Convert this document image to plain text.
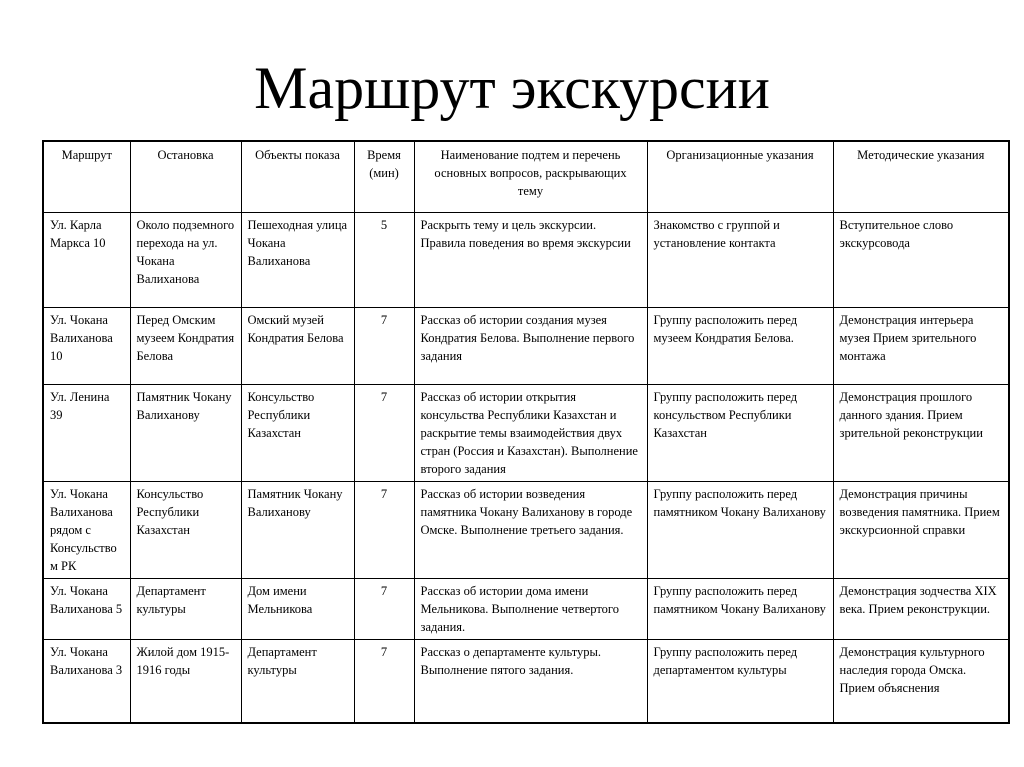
Маршрут экскурсии
Маршрут	Остановка	Объекты показа	Время (мин)	Наименование подтем и перечень основных вопросов, раскрывающих тему	Организационные указания	Методические указания
Ул. Карла Маркса 10	Около подземного перехода на ул. Чокана Валиханова	Пешеходная улица Чокана Валиханова	5	Раскрыть тему и цель экскурсии. Правила поведения во время экскурсии	Знакомство с группой и установление контакта	Вступительное слово экскурсовода
Ул. Чокана Валиханова 10	Перед Омским музеем Кондратия Белова	Омский музей Кондратия Белова	7	Рассказ об истории создания музея Кондратия Белова. Выполнение первого задания	Группу расположить перед музеем Кондратия Белова.	Демонстрация интерьера музея Прием зрительного монтажа
Ул. Ленина 39	Памятник Чокану Валиханову	Консульство Республики Казахстан	7	Рассказ об истории открытия консульства Республики Казахстан и раскрытие темы взаимодействия двух стран (Россия и Казахстан). Выполнение второго задания	Группу расположить перед консульством Республики Казахстан	Демонстрация прошлого данного здания. Прием зрительной реконструкции
Ул. Чокана Валиханова рядом с Консульство м РК	Консульство Республики Казахстан	Памятник Чокану Валиханову	7	Рассказ об истории возведения памятника Чокану Валиханову в городе Омске. Выполнение третьего задания.	Группу расположить перед памятником Чокану Валиханову	Демонстрация причины возведения памятника. Прием экскурсионной справки
Ул. Чокана Валиханова 5	Департамент культуры	Дом имени Мельникова	7	Рассказ об истории дома имени Мельникова. Выполнение четвертого задания.	Группу расположить перед памятником Чокану Валиханову	Демонстрация зодчества XIX века. Прием реконструкции.
Ул. Чокана Валиханова 3	Жилой дом 1915-1916 годы	Департамент культуры	7	Рассказ о департаменте культуры. Выполнение пятого задания.	Группу расположить перед департаментом культуры	Демонстрация культурного наследия города Омска. Прием объяснения
